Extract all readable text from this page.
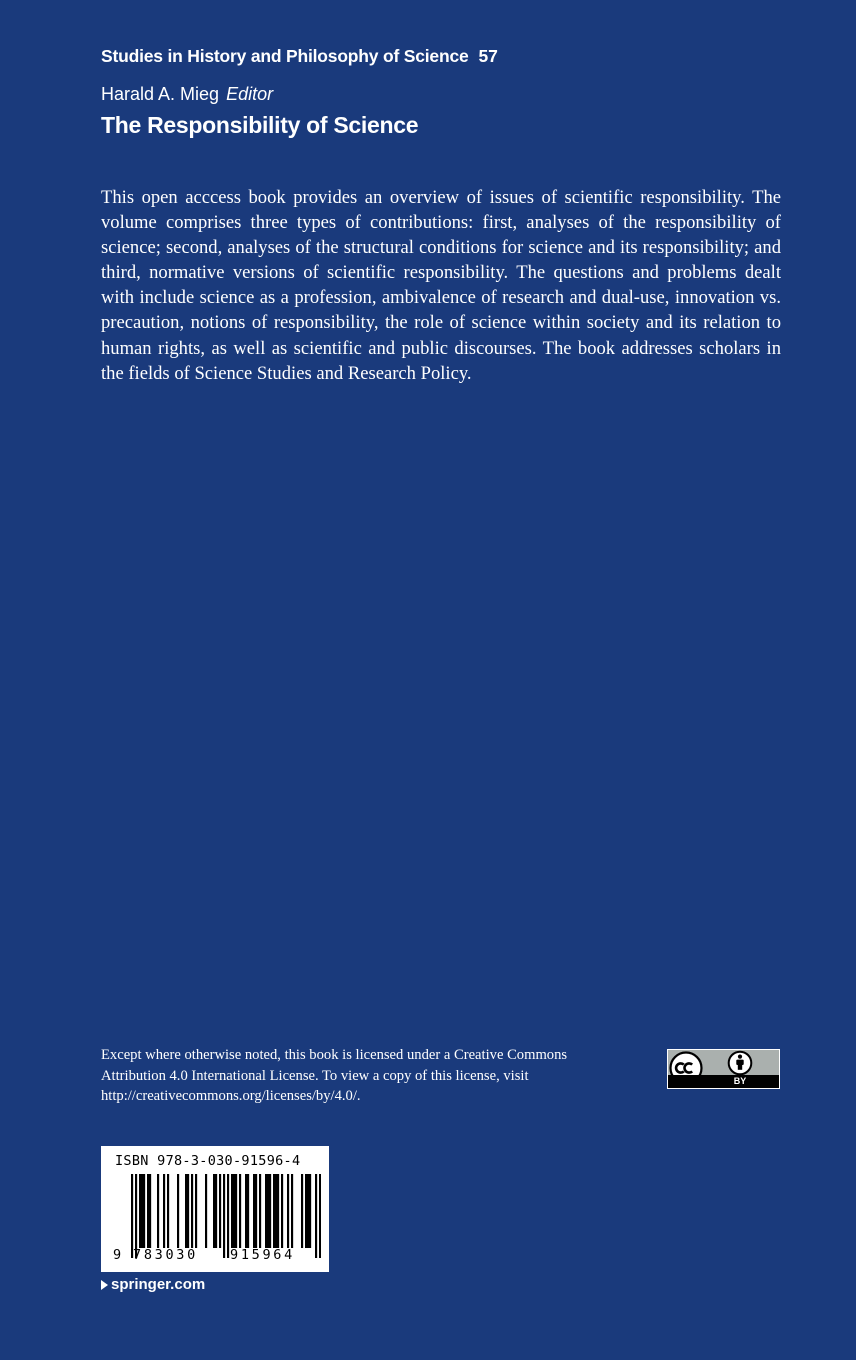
Studies in History and Philosophy of Science 57
Harald A. Mieg Editor
The Responsibility of Science

This open acccess book provides an overview of issues of scientific responsibility. The volume comprises three types of contributions: first, analyses of the responsibility of science; second, analyses of the structural conditions for science and its responsibility; and third, normative versions of scientific responsibility. The questions and problems dealt with include science as a profession, ambivalence of research and dual-use, innovation vs. precaution, notions of responsibility, the role of science within society and its relation to human rights, as well as scientific and public discourses. The book addresses scholars in the fields of Science Studies and Research Policy.

Except where otherwise noted, this book is licensed under a Creative Commons Attribution 4.0 International License. To view a copy of this license, visit http://creativecommons.org/licenses/by/4.0/.

BY
ISBN 978-3-030-91596-4
9 783030 915964
springer.com
